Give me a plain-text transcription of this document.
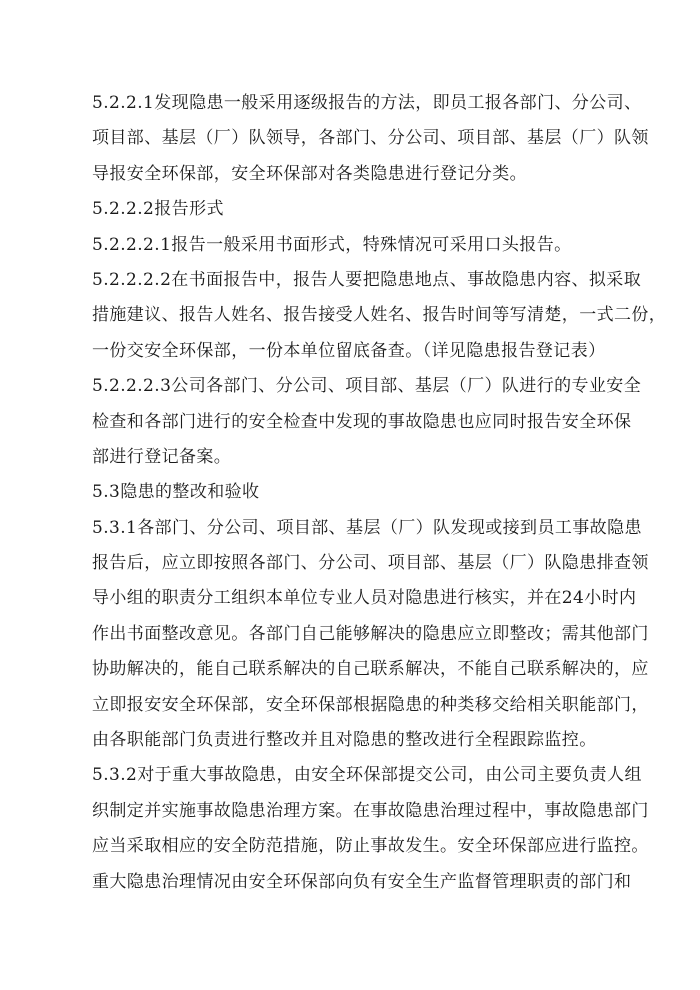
5.2.2.1发现隐患一般采用逐级报告的方法，即员工报各部门、分公司、
项目部、基层（厂）队领导，各部门、分公司、项目部、基层（厂）队领
导报安全环保部，安全环保部对各类隐患进行登记分类。
5.2.2.2报告形式
5.2.2.2.1报告一般采用书面形式，特殊情况可采用口头报告。
5.2.2.2.2在书面报告中，报告人要把隐患地点、事故隐患内容、拟采取
措施建议、报告人姓名、报告接受人姓名、报告时间等写清楚，一式二份，
一份交安全环保部，一份本单位留底备查。（详见隐患报告登记表）
5.2.2.2.3公司各部门、分公司、项目部、基层（厂）队进行的专业安全
检查和各部门进行的安全检查中发现的事故隐患也应同时报告安全环保
部进行登记备案。
5.3隐患的整改和验收
5.3.1各部门、分公司、项目部、基层（厂）队发现或接到员工事故隐患
报告后，应立即按照各部门、分公司、项目部、基层（厂）队隐患排查领
导小组的职责分工组织本单位专业人员对隐患进行核实，并在24小时内
作出书面整改意见。各部门自己能够解决的隐患应立即整改；需其他部门
协助解决的，能自己联系解决的自己联系解决，不能自己联系解决的，应
立即报安安全环保部，安全环保部根据隐患的种类移交给相关职能部门，
由各职能部门负责进行整改并且对隐患的整改进行全程跟踪监控。
5.3.2对于重大事故隐患，由安全环保部提交公司，由公司主要负责人组
织制定并实施事故隐患治理方案。在事故隐患治理过程中，事故隐患部门
应当采取相应的安全防范措施，防止事故发生。安全环保部应进行监控。
重大隐患治理情况由安全环保部向负有安全生产监督管理职责的部门和
